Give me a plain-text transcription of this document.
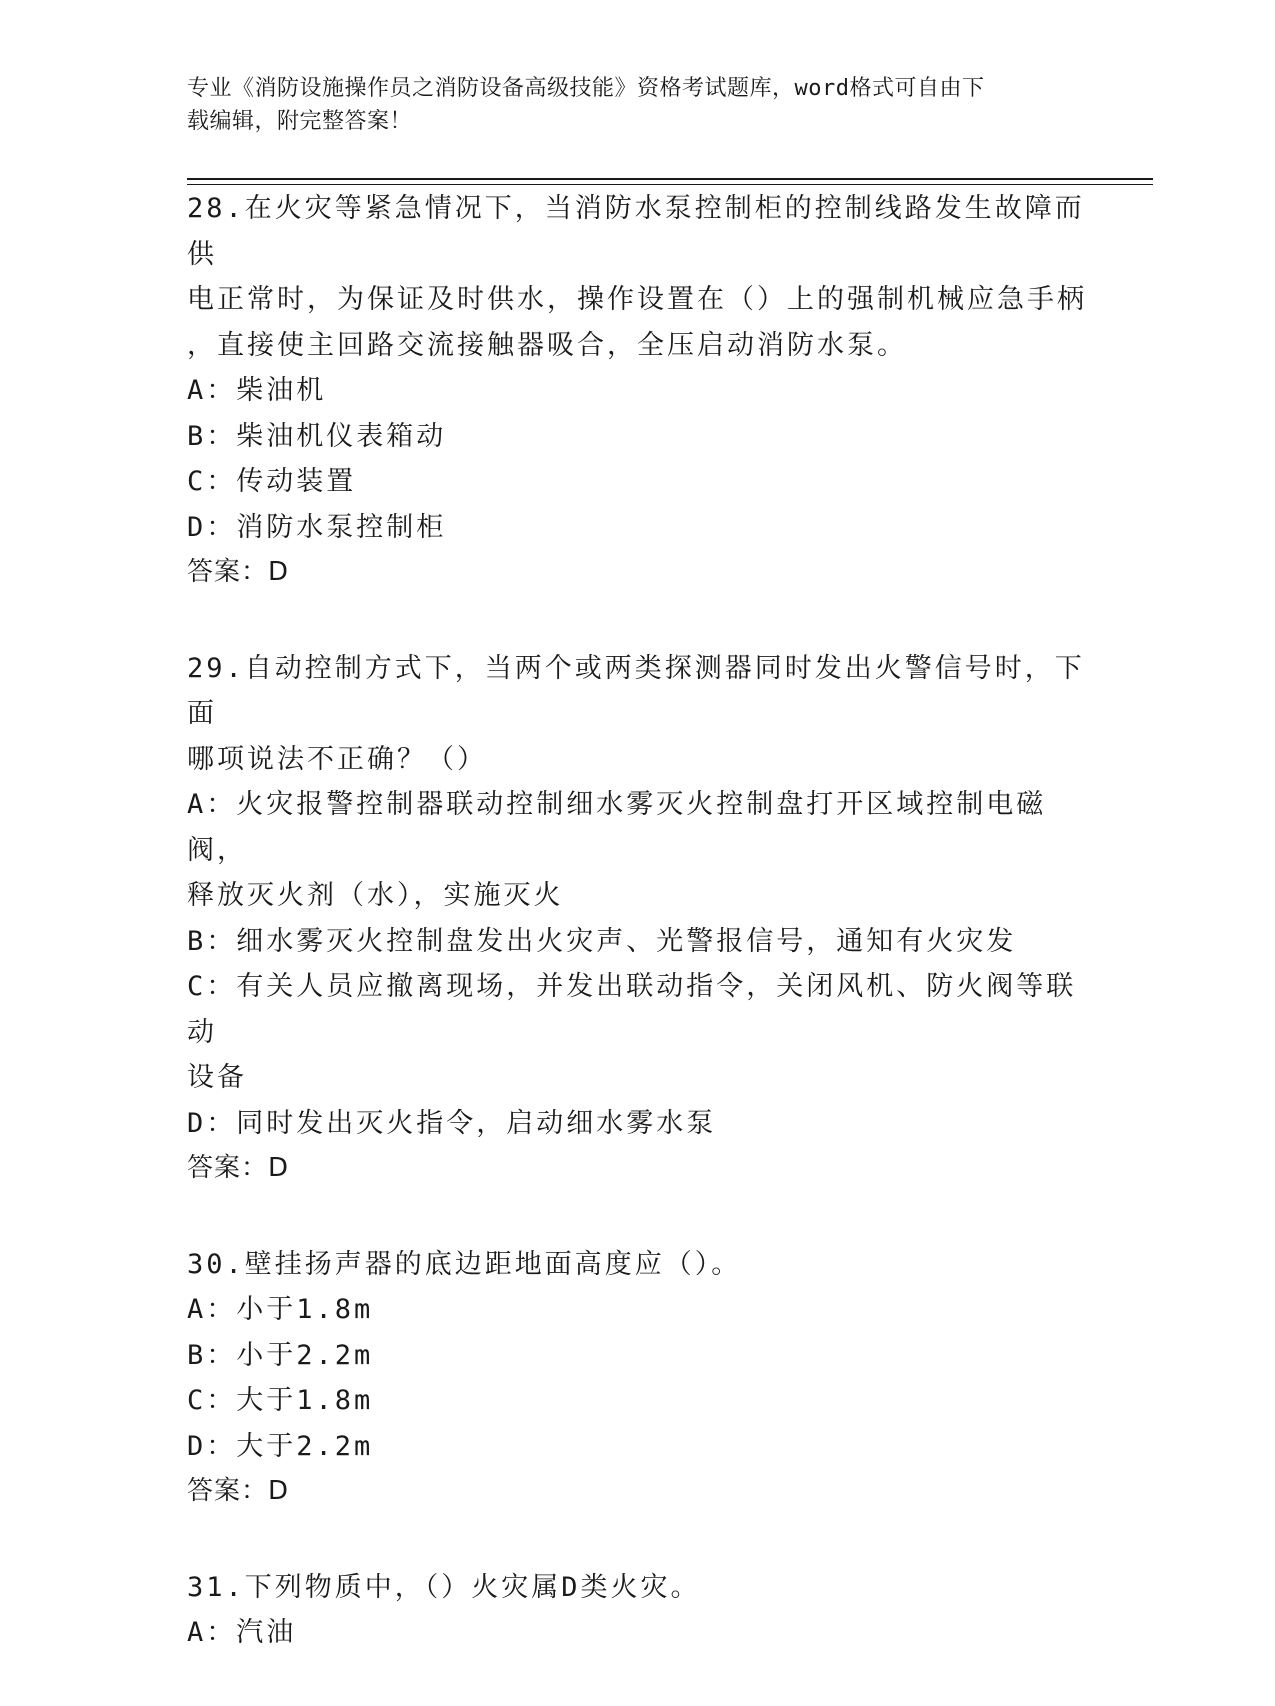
专业《消防设施操作员之消防设备高级技能》资格考试题库，word格式可自由下
载编辑，附完整答案！
28.在火灾等紧急情况下，当消防水泵控制柜的控制线路发生故障而供
电正常时，为保证及时供水，操作设置在（）上的强制机械应急手柄
，直接使主回路交流接触器吸合，全压启动消防水泵。
A：柴油机
B：柴油机仪表箱动
C：传动装置
D：消防水泵控制柜
答案：D
29.自动控制方式下，当两个或两类探测器同时发出火警信号时，下面
哪项说法不正确？（）
A：火灾报警控制器联动控制细水雾灭火控制盘打开区域控制电磁阀，
释放灭火剂（水），实施灭火
B：细水雾灭火控制盘发出火灾声、光警报信号，通知有火灾发
C：有关人员应撤离现场，并发出联动指令，关闭风机、防火阀等联动
设备
D：同时发出灭火指令，启动细水雾水泵
答案：D
30.壁挂扬声器的底边距地面高度应（）。
A：小于1.8m
B：小于2.2m
C：大于1.8m
D：大于2.2m
答案：D
31.下列物质中，（）火灾属D类火灾。
A：汽油
